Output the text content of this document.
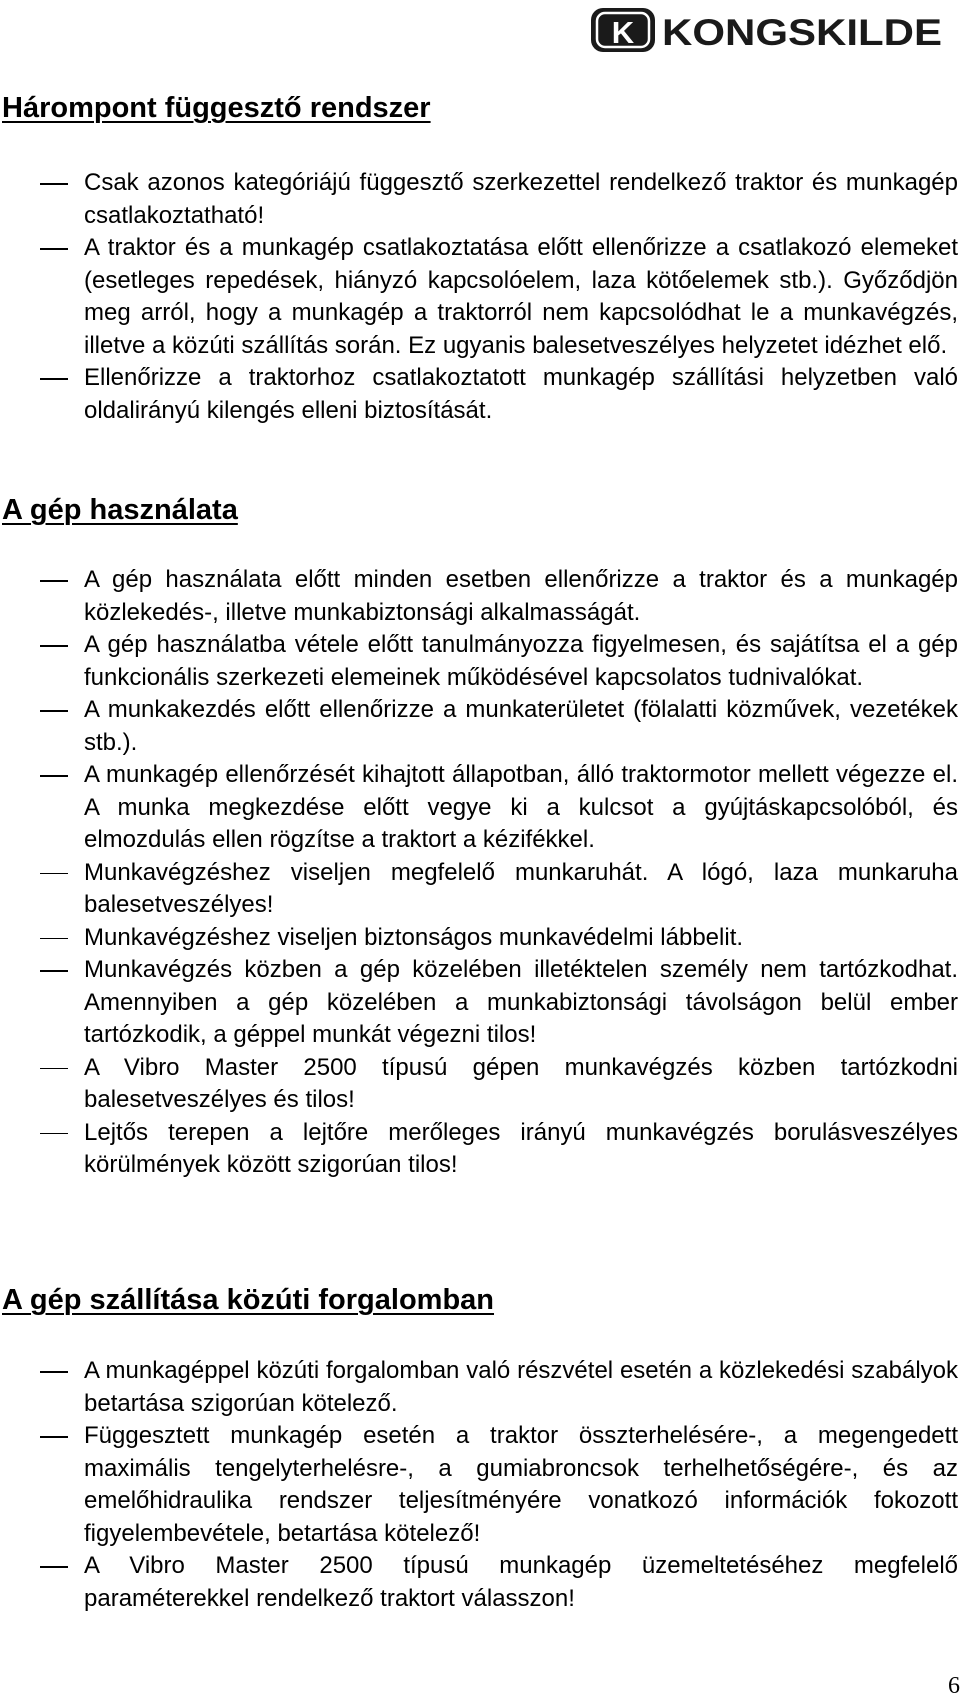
K KONGSKILDE
Hárompont függesztő rendszer
Csak azonos kategóriájú függesztő szerkezettel rendelkező traktor és munkagép csatlakoztatható!
A traktor és a munkagép csatlakoztatása előtt ellenőrizze a csatlakozó elemeket (esetleges repedések, hiányzó kapcsolóelem, laza kötőelemek stb.). Győződjön meg arról, hogy a munkagép a traktorról nem kapcsolódhat le a munkavégzés, illetve a közúti szállítás során. Ez ugyanis balesetveszélyes helyzetet idézhet elő.
Ellenőrizze a traktorhoz csatlakoztatott munkagép szállítási helyzetben való oldalirányú kilengés elleni biztosítását.
A gép használata
A gép használata előtt minden esetben ellenőrizze a traktor és a munkagép közlekedés-, illetve munkabiztonsági alkalmasságát.
A gép használatba vétele előtt tanulmányozza figyelmesen, és sajátítsa el a gép funkcionális szerkezeti elemeinek működésével kapcsolatos tudnivalókat.
A munkakezdés előtt ellenőrizze a munkaterületet (fölalatti közművek, vezetékek stb.).
A munkagép ellenőrzését kihajtott állapotban, álló traktormotor mellett végezze el. A munka megkezdése előtt vegye ki a kulcsot a gyújtáskapcsolóból, és elmozdulás ellen rögzítse a traktort a kézifékkel.
Munkavégzéshez viseljen megfelelő munkaruhát. A lógó, laza munkaruha balesetveszélyes!
Munkavégzéshez viseljen biztonságos munkavédelmi lábbelit.
Munkavégzés közben a gép közelében illetéktelen személy nem tartózkodhat. Amennyiben a gép közelében a munkabiztonsági távolságon belül ember tartózkodik, a géppel munkát végezni tilos!
A Vibro Master 2500 típusú gépen munkavégzés közben tartózkodni balesetveszélyes és tilos!
Lejtős terepen a lejtőre merőleges irányú munkavégzés borulásveszélyes körülmények között szigorúan tilos!
A gép szállítása közúti forgalomban
A munkagéppel közúti forgalomban való részvétel esetén a közlekedési szabályok betartása szigorúan kötelező.
Függesztett munkagép esetén a traktor összterhelésére-, a megengedett maximális tengelyterhelésre-, a gumiabroncsok terhelhetőségére-, és az emelőhidraulika rendszer teljesítményére vonatkozó információk fokozott figyelembevétele, betartása kötelező!
A Vibro Master 2500 típusú munkagép üzemeltetéséhez megfelelő paraméterekkel rendelkező traktort válasszon!
6
